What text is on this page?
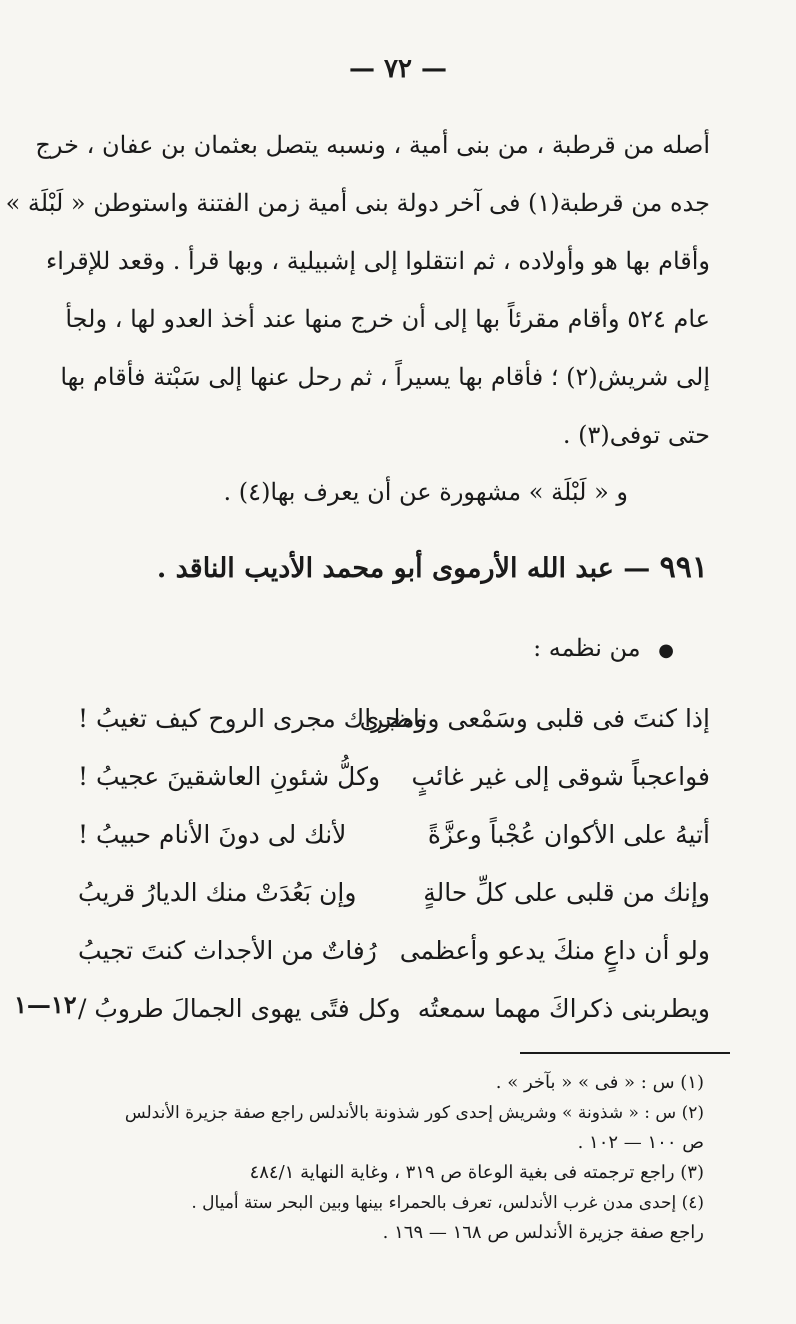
— ٧٢ —
أصله من قرطبة ، من بنى أمية ، ونسبه يتصل بعثمان بن عفان ، خرج
جده من قرطبة(١) فى آخر دولة بنى أمية زمن الفتنة واستوطن « لَبْلَة »
وأقام بها هو وأولاده ، ثم انتقلوا إلى إشبيلية ، وبها قرأ . وقعد للإقراء
عام ٥٢٤ وأقام مقرئاً بها إلى أن خرج منها عند أخذ العدو لها ، ولجأ
إلى شريش(٢) ؛ فأقام بها يسيراً ، ثم رحل عنها إلى سَبْتة فأقام بها
حتى توفى(٣) .
و « لَبْلَة » مشهورة عن أن يعرف بها(٤) .
٩٩١ — عبد الله الأرموى أبو محمد الأديب الناقد .
● من نظمه :
إذا كنتَ فى قلبى وسَمْعى وناظرى
ومجراك مجرى الروح كيف تغيبُ !
فواعجباً شوقى إلى غير غائبٍ
وكلُّ شئونِ العاشقينَ عجيبُ !
أتيهُ على الأكوان عُجْباً وعزَّةً
لأنك لى دونَ الأنام حبيبُ !
وإنك من قلبى على كلِّ حالةٍ
وإن بَعُدَتْ منك الديارُ قريبُ
ولو أن داعٍ منكَ يدعو وأعظمى
رُفاتٌ من الأجداث كنتَ تجيبُ
ويطربنى ذكراكَ مهما سمعتُه
وكل فتًى يهوى الجمالَ طروبُ /
١٢—١
(١) س : « فى » « بآخر » .
(٢) س : « شذونة » وشريش إحدى كور شذونة بالأندلس راجع صفة جزيرة الأندلس
ص ١٠٠ — ١٠٢ .
(٣) راجع ترجمته فى بغية الوعاة ص ٣١٩ ، وغاية النهاية ٤٨٤/١
(٤) إحدى مدن غرب الأندلس، تعرف بالحمراء بينها وبين البحر ستة أميال .
راجع صفة جزيرة الأندلس ص ١٦٨ — ١٦٩ .
